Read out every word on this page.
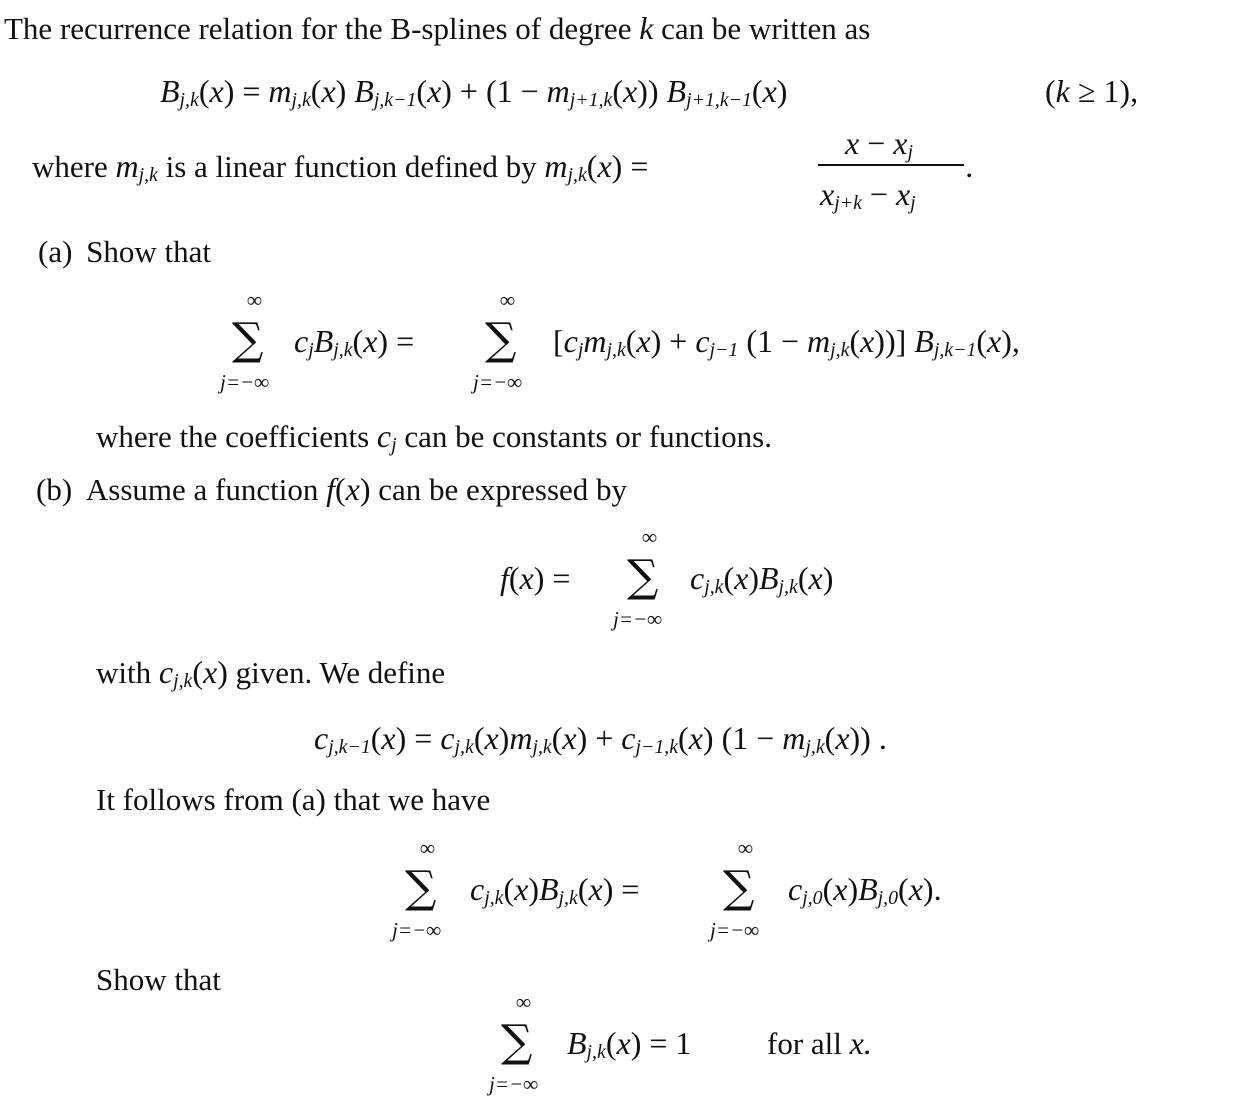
The recurrence relation for the B-splines of degree k can be written as
$B_{j,k}(x) = m_{j,k}(x) B_{j,k-1}(x) + (1 - m_{j+1,k}(x))$ $B_{j+1,k-1}(x)$	(k ≥ 1),
where $m_{j,k}$ is a linear function defined by $m_{j,k}(x)$ =
$x - x_j$
$x_{j+k} - x_j$
.
(a) Show that
∞
∑
j=−∞
$c_jB_{j,k}(x)$ =
∞
∑
j=−∞
[$c_jm_{j,k}(x) + c_{j-1}$ $(1 - m_{j,k}(x))$] $B_{j,k-1}(x)$,
where the coefficients $c_j$ can be constants or functions.
(b) Assume a function f(x) can be expressed by
f(x) =
∞
∑
j=−∞
$c_{j,k}(x)B_{j,k}(x)$
with $c_{j,k}(x)$ given. We define
$c_{j,k-1}(x) = c_{j,k}(x)m_{j,k}(x) + c_{j-1,k}(x) (1 - m_{j,k}(x))$ .
It follows from (a) that we have
∞
∑
j=−∞
$c_{j,k}(x)B_{j,k}(x)$ =
∞
∑
j=−∞
$c_{j,0}(x)B_{j,0}(x)$.
Show that
∞
∑
j=−∞
$B_{j,k}(x) = 1$ for all x.
